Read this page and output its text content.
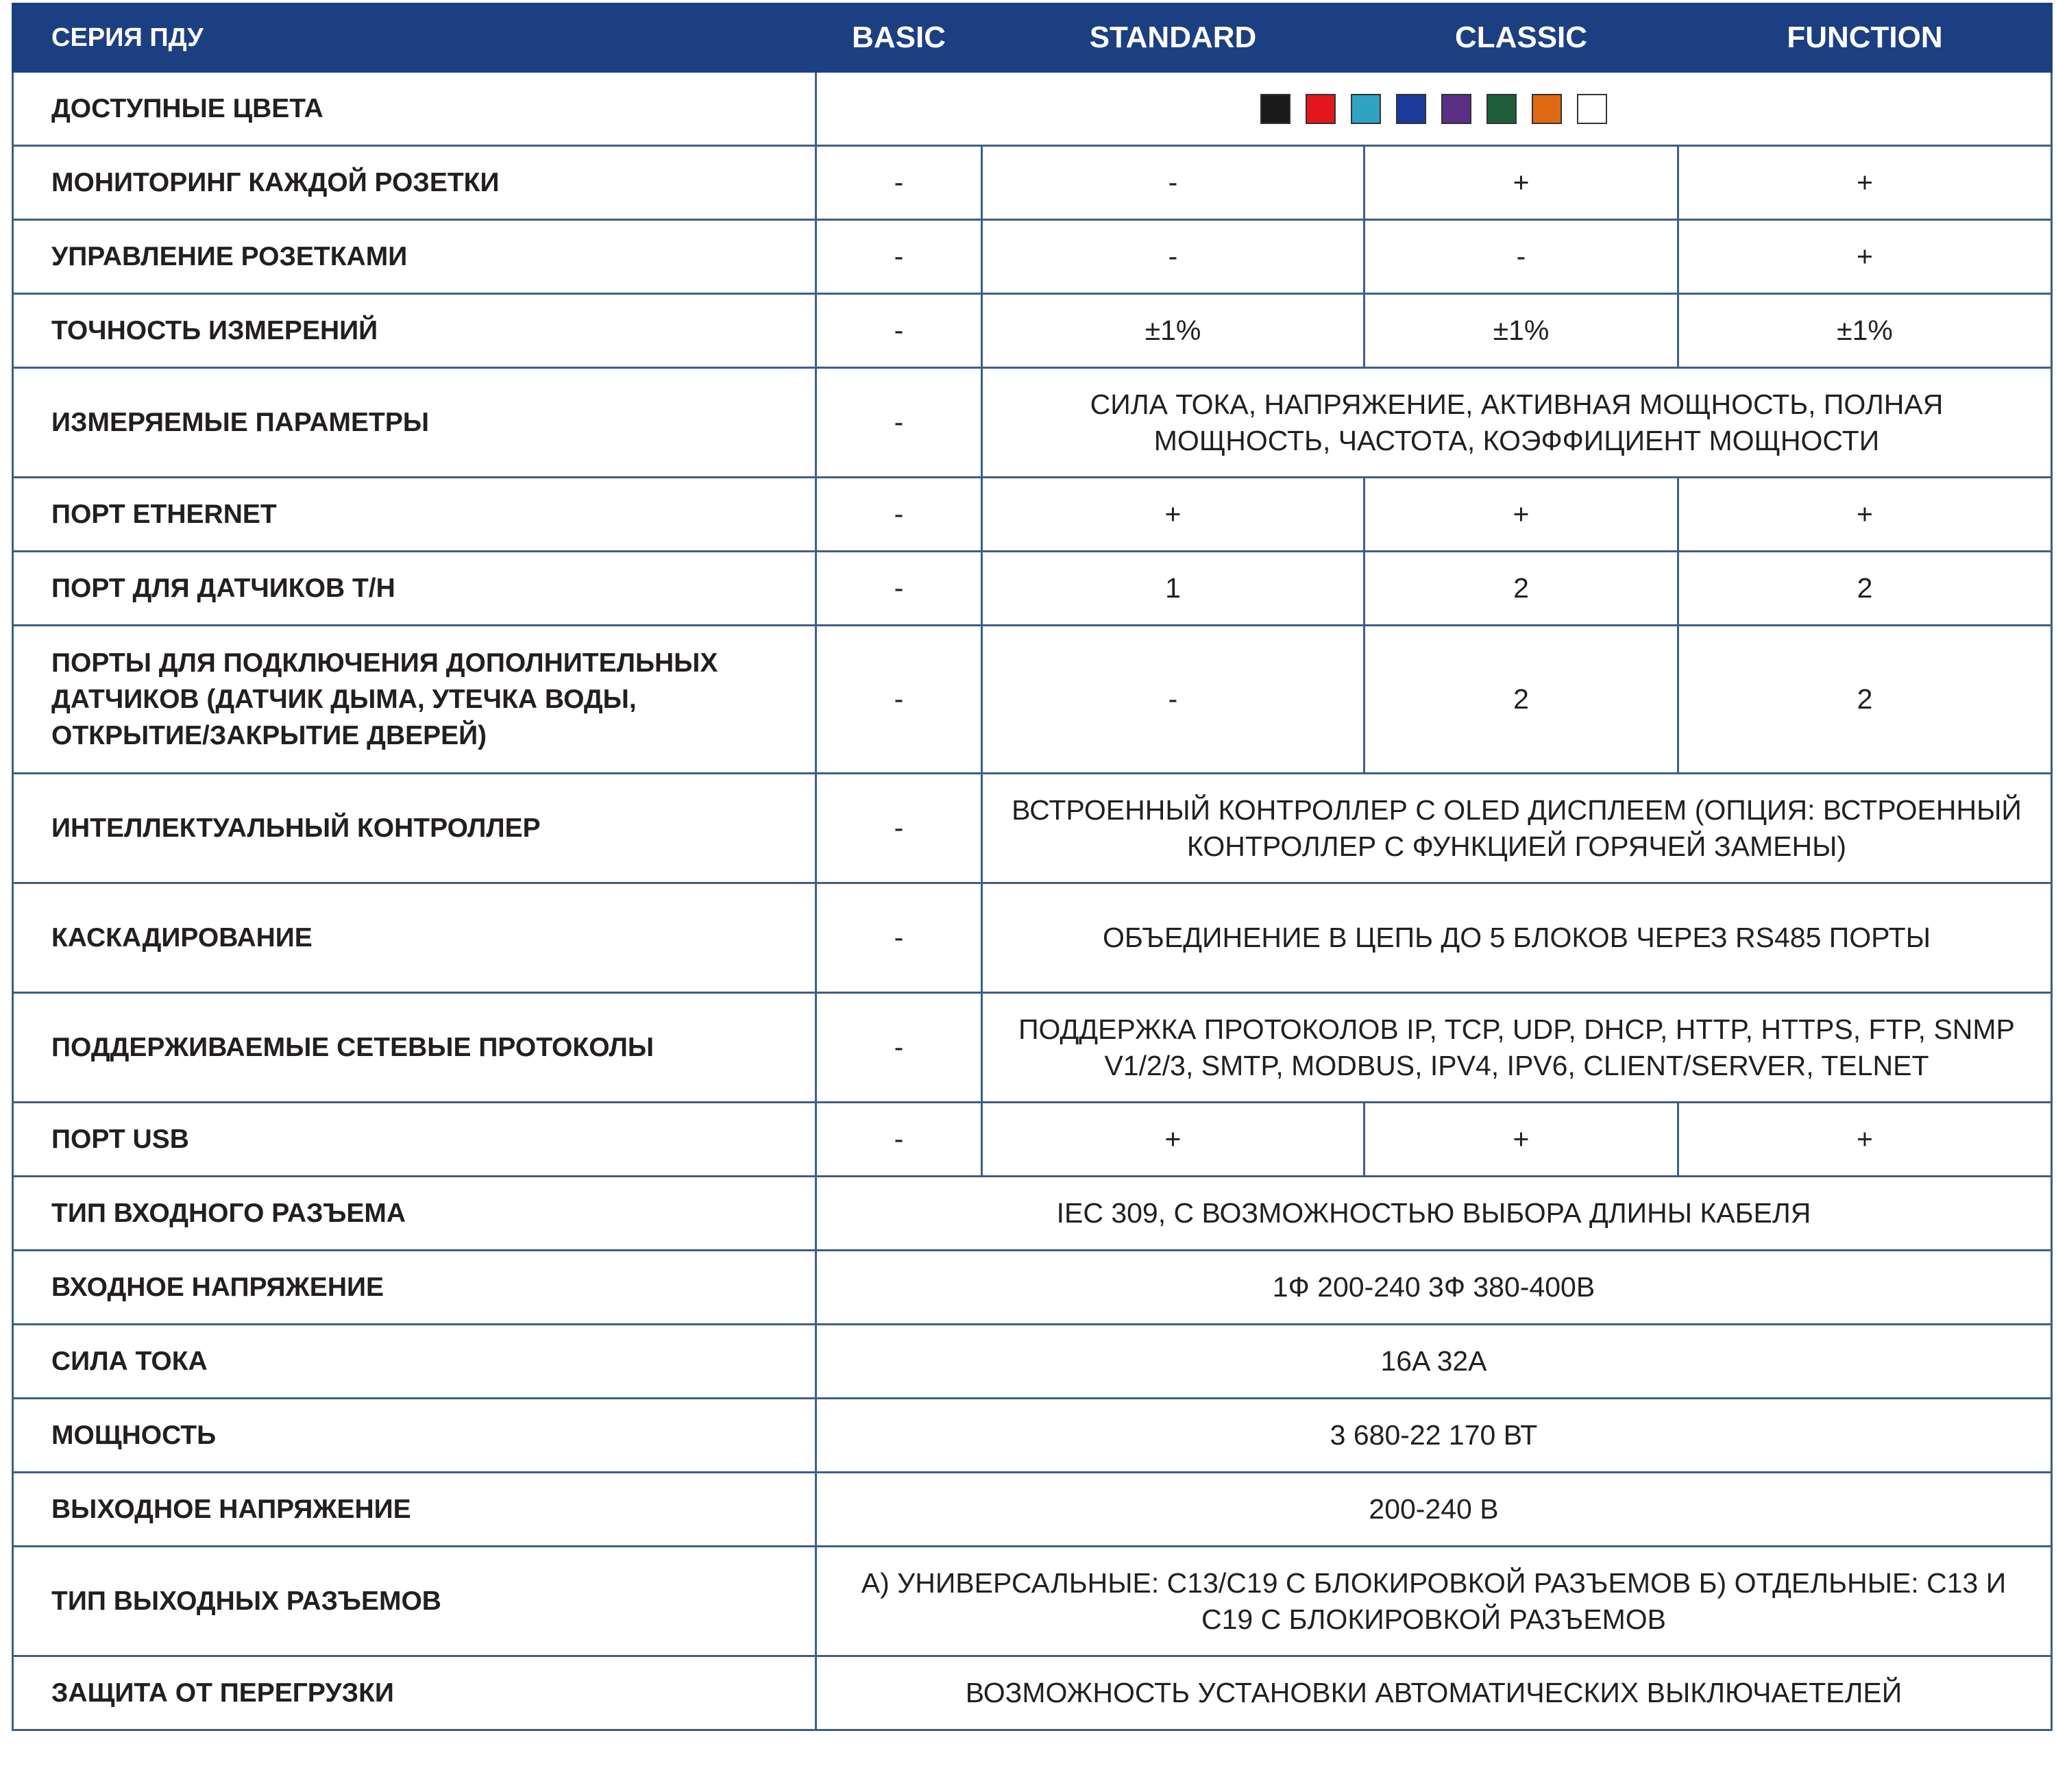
СЕРИЯ ПДУ	BASIC	STANDARD	CLASSIC	FUNCTION
ДОСТУПНЫЕ ЦВЕТА				

МОНИТОРИНГ КАЖДОЙ РОЗЕТКИ	-	-	+	+
УПРАВЛЕНИЕ РОЗЕТКАМИ	-	-	-	+
ТОЧНОСТЬ ИЗМЕРЕНИЙ	-	±1%	±1%	±1%
ИЗМЕРЯЕМЫЕ ПАРАМЕТРЫ	-	СИЛА ТОКА, НАПРЯЖЕНИЕ, АКТИВНАЯ МОЩНОСТЬ, ПОЛНАЯ МОЩНОСТЬ, ЧАСТОТА, КОЭФФИЦИЕНТ МОЩНОСТИ		
ПОРТ ETHERNET	-	+	+	+
ПОРТ ДЛЯ ДАТЧИКОВ T/H	-	1	2	2
ПОРТЫ ДЛЯ ПОДКЛЮЧЕНИЯ ДОПОЛНИТЕЛЬНЫХ ДАТЧИКОВ (ДАТЧИК ДЫМА, УТЕЧКА ВОДЫ, ОТКРЫТИЕ/ЗАКРЫТИЕ ДВЕРЕЙ)	-	-	2	2
ИНТЕЛЛЕКТУАЛЬНЫЙ КОНТРОЛЛЕР	-	ВСТРОЕННЫЙ КОНТРОЛЛЕР С OLED ДИСПЛЕЕМ (ОПЦИЯ: ВСТРОЕННЫЙ КОНТРОЛЛЕР С ФУНКЦИЕЙ ГОРЯЧЕЙ ЗАМЕНЫ)		
КАСКАДИРОВАНИЕ	-	ОБЪЕДИНЕНИЕ В ЦЕПЬ ДО 5 БЛОКОВ ЧЕРЕЗ RS485 ПОРТЫ		
ПОДДЕРЖИВАЕМЫЕ СЕТЕВЫЕ ПРОТОКОЛЫ	-	ПОДДЕРЖКА ПРОТОКОЛОВ IP, TCP, UDP, DHCP, HTTP, HTTPS, FTP, SNMP V1/2/3, SMTP, MODBUS, IPV4, IPV6, CLIENT/SERVER, TELNET		
ПОРТ USB	-	+	+	+
ТИП ВХОДНОГО РАЗЪЕМА	IEC 309, С ВОЗМОЖНОСТЬЮ ВЫБОРА ДЛИНЫ КАБЕЛЯ			
ВХОДНОЕ НАПРЯЖЕНИЕ	1Ф 200-240 3Ф 380-400В			
СИЛА ТОКА	16A 32A			
МОЩНОСТЬ	3 680-22 170 ВТ			
ВЫХОДНОЕ НАПРЯЖЕНИЕ	200-240 В			
ТИП ВЫХОДНЫХ РАЗЪЕМОВ	А) УНИВЕРСАЛЬНЫЕ: C13/C19 С БЛОКИРОВКОЙ РАЗЪЕМОВ Б) ОТДЕЛЬНЫЕ: C13 И C19 С БЛОКИРОВКОЙ РАЗЪЕМОВ			
ЗАЩИТА ОТ ПЕРЕГРУЗКИ	ВОЗМОЖНОСТЬ УСТАНОВКИ АВТОМАТИЧЕСКИХ ВЫКЛЮЧАЕТЕЛЕЙ			
